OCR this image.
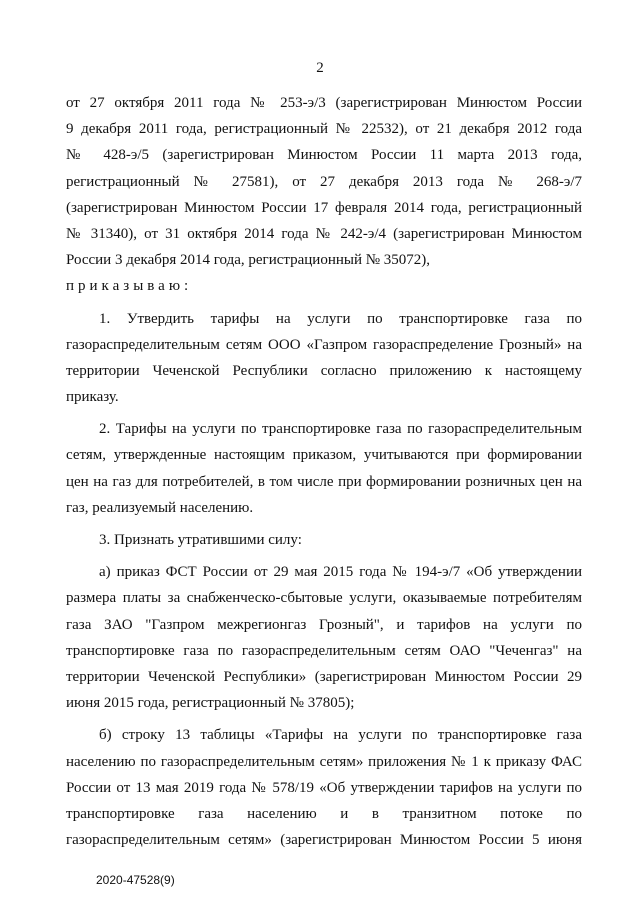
2
от 27 октября 2011 года № 253-э/3 (зарегистрирован Минюстом России
9 декабря 2011 года, регистрационный № 22532), от 21 декабря 2012 года
№ 428-э/5 (зарегистрирован Минюстом России 11 марта 2013 года,
регистрационный № 27581), от 27 декабря 2013 года № 268-э/7
(зарегистрирован Минюстом России 17 февраля 2014 года, регистрационный
№ 31340), от 31 октября 2014 года № 242-э/4 (зарегистрирован Минюстом
России 3 декабря 2014 года, регистрационный № 35072),
приказываю:
1. Утвердить тарифы на услуги по транспортировке газа по
газораспределительным сетям ООО «Газпром газораспределение Грозный» на
территории Чеченской Республики согласно приложению к настоящему
приказу.
2. Тарифы на услуги по транспортировке газа по газораспределительным
сетям, утвержденные настоящим приказом, учитываются при формировании
цен на газ для потребителей, в том числе при формировании розничных цен на
газ, реализуемый населению.
3. Признать утратившими силу:
а) приказ ФСТ России от 29 мая 2015 года № 194-э/7 «Об утверждении
размера платы за снабженческо-сбытовые услуги, оказываемые потребителям
газа ЗАО "Газпром межрегионгаз Грозный", и тарифов на услуги по
транспортировке газа по газораспределительным сетям ОАО "Чеченгаз" на
территории Чеченской Республики» (зарегистрирован Минюстом России 29
июня 2015 года, регистрационный № 37805);
б) строку 13 таблицы «Тарифы на услуги по транспортировке газа
населению по газораспределительным сетям» приложения № 1 к приказу ФАС
России от 13 мая 2019 года № 578/19 «Об утверждении тарифов на услуги по
транспортировке газа населению и в транзитном потоке по
газораспределительным сетям» (зарегистрирован Минюстом России 5 июня
2020-47528(9)
